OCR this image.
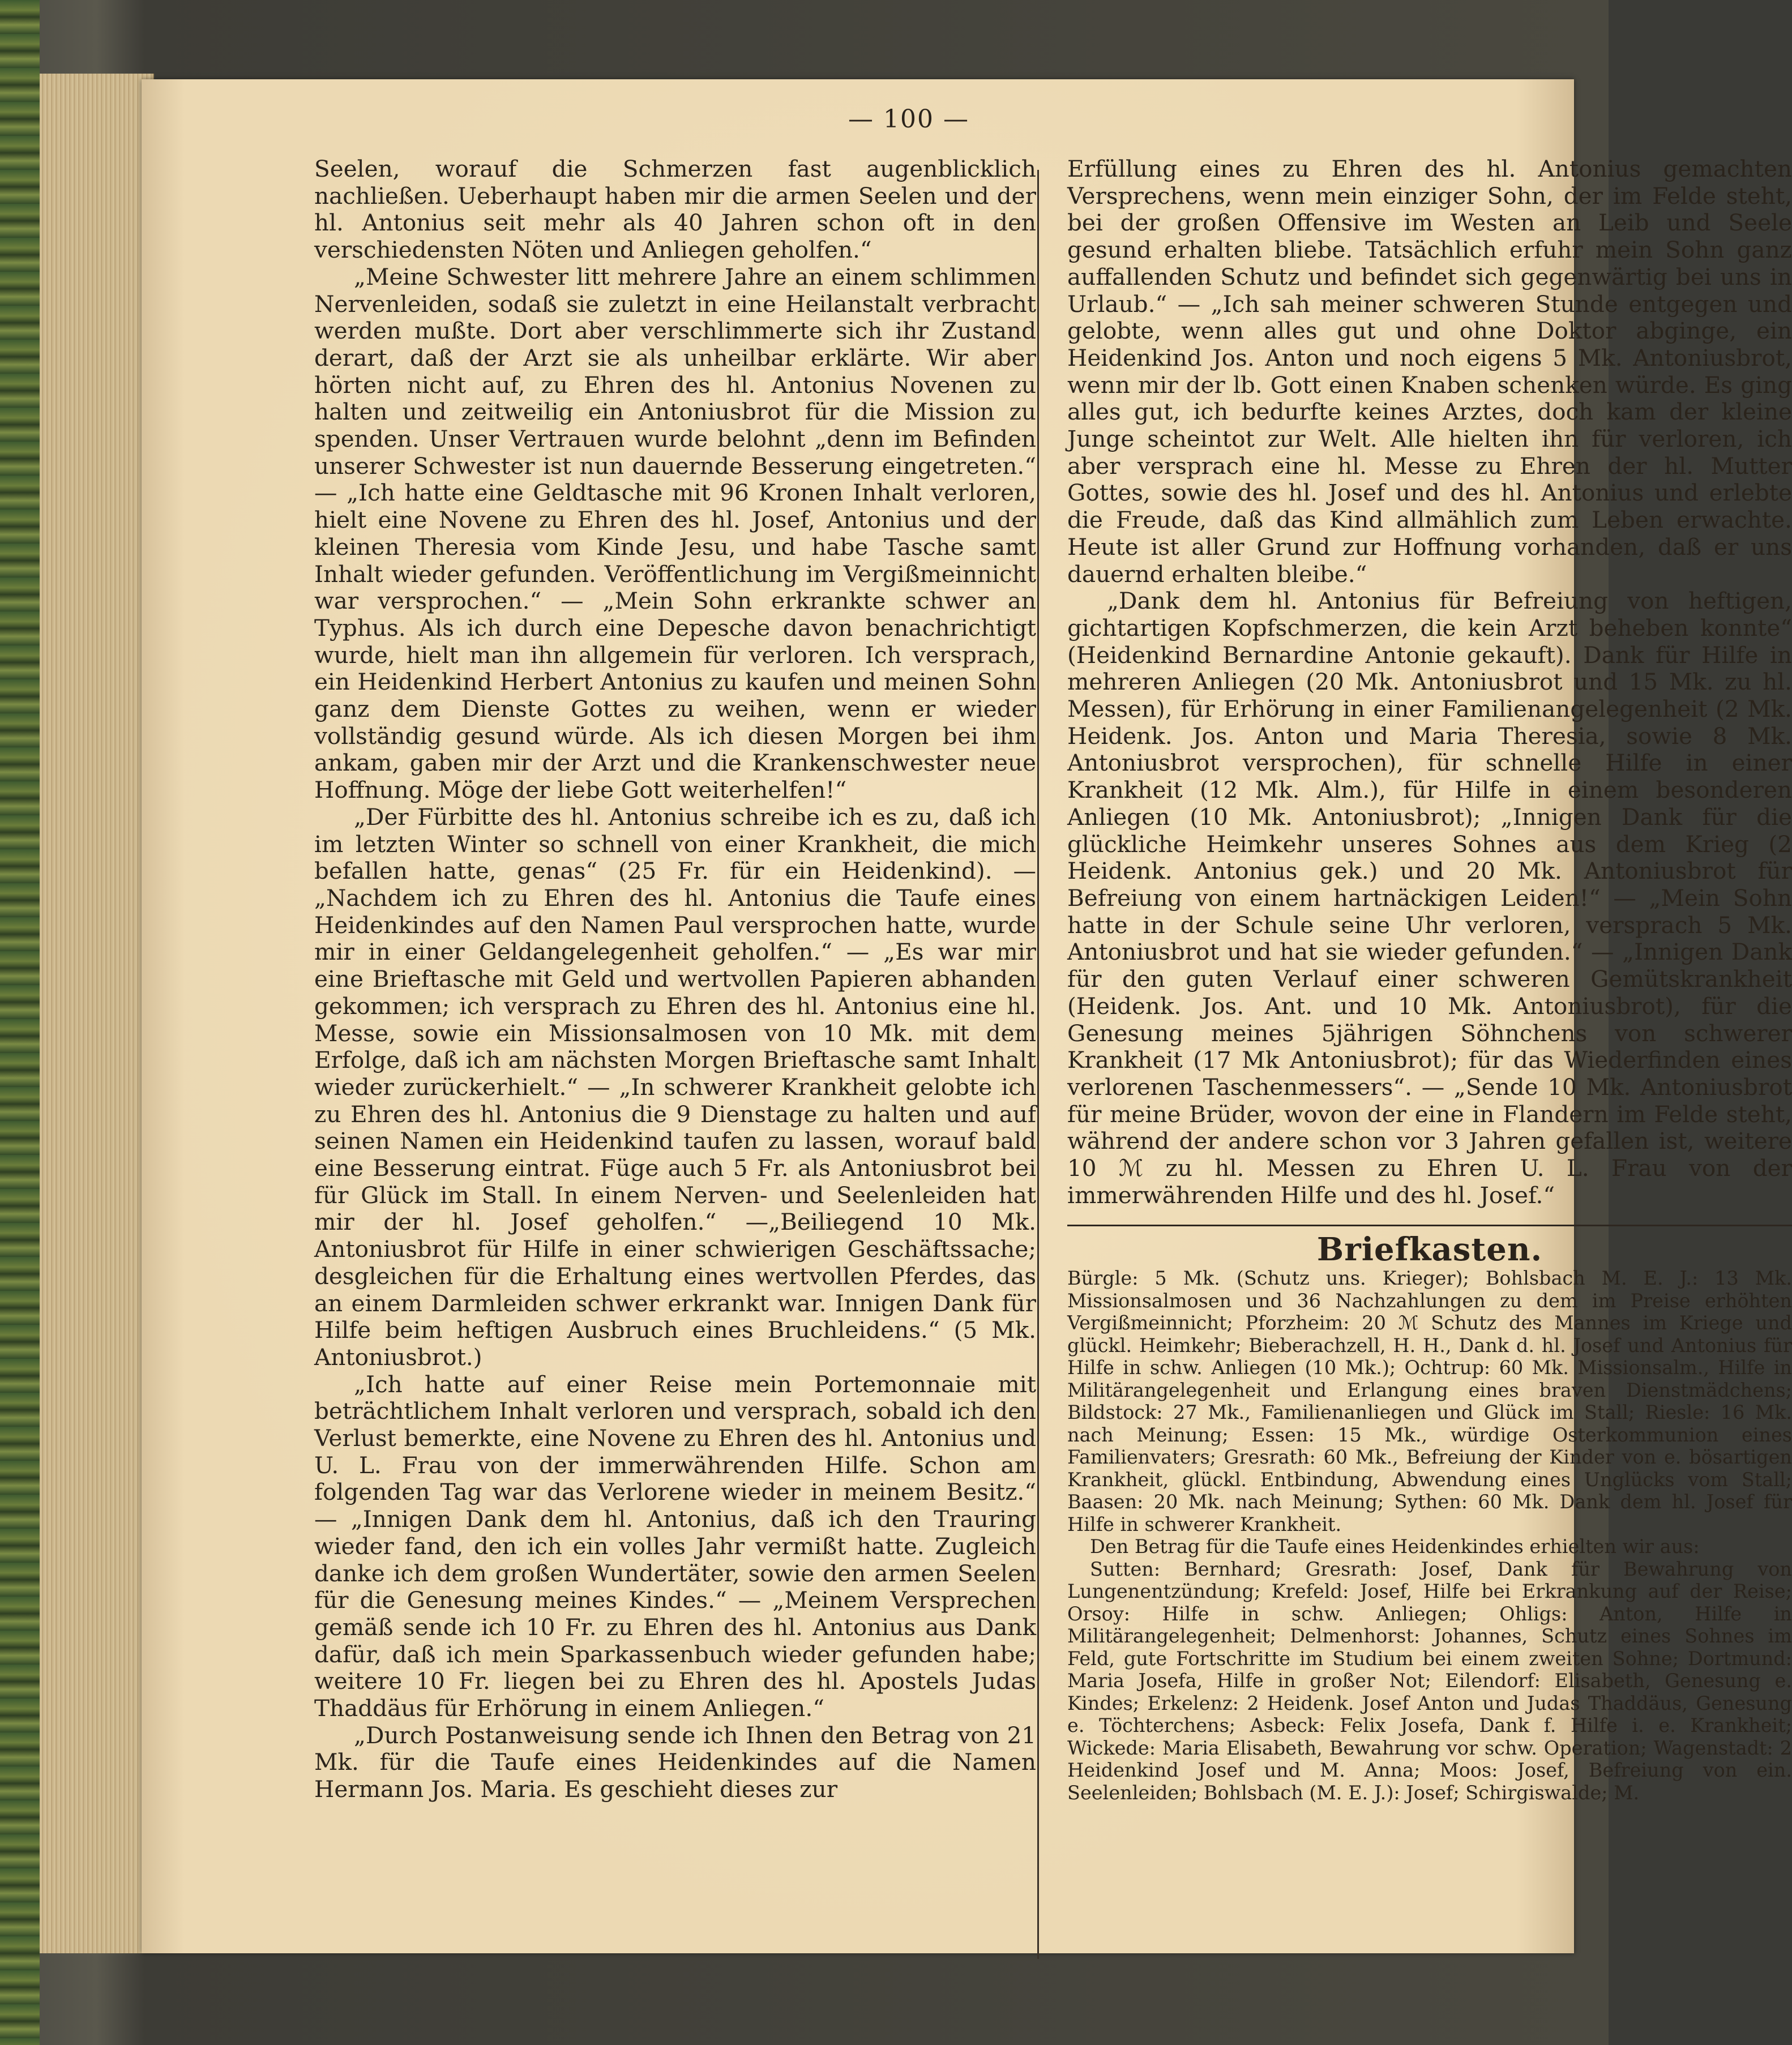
— 100 —

Seelen, worauf die Schmerzen fast augenblicklich nachließen. Ueberhaupt haben mir die armen Seelen und der hl. Antonius seit mehr als 40 Jahren schon oft in den verschiedensten Nöten und Anliegen geholfen.“

„Meine Schwester litt mehrere Jahre an einem schlimmen Nervenleiden, sodaß sie zuletzt in eine Heilanstalt verbracht werden mußte. Dort aber verschlimmerte sich ihr Zustand derart, daß der Arzt sie als unheilbar erklärte. Wir aber hörten nicht auf, zu Ehren des hl. Antonius Novenen zu halten und zeitweilig ein Antoniusbrot für die Mission zu spenden. Unser Vertrauen wurde belohnt „denn im Befinden unserer Schwester ist nun dauernde Besserung eingetreten.“ — „Ich hatte eine Geldtasche mit 96 Kronen Inhalt verloren, hielt eine Novene zu Ehren des hl. Josef, Antonius und der kleinen Theresia vom Kinde Jesu, und habe Tasche samt Inhalt wieder gefunden. Veröffentlichung im Vergißmeinnicht war versprochen.“ — „Mein Sohn erkrankte schwer an Typhus. Als ich durch eine Depesche davon benachrichtigt wurde, hielt man ihn allgemein für verloren. Ich versprach, ein Heidenkind Herbert Antonius zu kaufen und meinen Sohn ganz dem Dienste Gottes zu weihen, wenn er wieder vollständig gesund würde. Als ich diesen Morgen bei ihm ankam, gaben mir der Arzt und die Krankenschwester neue Hoffnung. Möge der liebe Gott weiterhelfen!“

„Der Fürbitte des hl. Antonius schreibe ich es zu, daß ich im letzten Winter so schnell von einer Krankheit, die mich befallen hatte, genas“ (25 Fr. für ein Heidenkind). — „Nachdem ich zu Ehren des hl. Antonius die Taufe eines Heidenkindes auf den Namen Paul versprochen hatte, wurde mir in einer Geldangelegenheit geholfen.“ — „Es war mir eine Brieftasche mit Geld und wertvollen Papieren abhanden gekommen; ich versprach zu Ehren des hl. Antonius eine hl. Messe, sowie ein Missionsalmosen von 10 Mk. mit dem Erfolge, daß ich am nächsten Morgen Brieftasche samt Inhalt wieder zurückerhielt.“ — „In schwerer Krankheit gelobte ich zu Ehren des hl. Antonius die 9 Dienstage zu halten und auf seinen Namen ein Heidenkind taufen zu lassen, worauf bald eine Besserung eintrat. Füge auch 5 Fr. als Antoniusbrot bei für Glück im Stall. In einem Nerven- und Seelenleiden hat mir der hl. Josef geholfen.“ —„Beiliegend 10 Mk. Antoniusbrot für Hilfe in einer schwierigen Geschäftssache; desgleichen für die Erhaltung eines wertvollen Pferdes, das an einem Darmleiden schwer erkrankt war. Innigen Dank für Hilfe beim heftigen Ausbruch eines Bruchleidens.“ (5 Mk. Antoniusbrot.)

„Ich hatte auf einer Reise mein Portemonnaie mit beträchtlichem Inhalt verloren und versprach, sobald ich den Verlust bemerkte, eine Novene zu Ehren des hl. Antonius und U. L. Frau von der immerwährenden Hilfe. Schon am folgenden Tag war das Verlorene wieder in meinem Besitz.“ — „Innigen Dank dem hl. Antonius, daß ich den Trauring wieder fand, den ich ein volles Jahr vermißt hatte. Zugleich danke ich dem großen Wundertäter, sowie den armen Seelen für die Genesung meines Kindes.“ — „Meinem Versprechen gemäß sende ich 10 Fr. zu Ehren des hl. Antonius aus Dank dafür, daß ich mein Sparkassenbuch wieder gefunden habe; weitere 10 Fr. liegen bei zu Ehren des hl. Apostels Judas Thaddäus für Erhörung in einem Anliegen.“

„Durch Postanweisung sende ich Ihnen den Betrag von 21 Mk. für die Taufe eines Heidenkindes auf die Namen Hermann Jos. Maria. Es geschieht dieses zur

Erfüllung eines zu Ehren des hl. Antonius gemachten Versprechens, wenn mein einziger Sohn, der im Felde steht, bei der großen Offensive im Westen an Leib und Seele gesund erhalten bliebe. Tatsächlich erfuhr mein Sohn ganz auffallenden Schutz und befindet sich gegenwärtig bei uns in Urlaub.“ — „Ich sah meiner schweren Stunde entgegen und gelobte, wenn alles gut und ohne Doktor abginge, ein Heidenkind Jos. Anton und noch eigens 5 Mk. Antoniusbrot, wenn mir der lb. Gott einen Knaben schenken würde. Es ging alles gut, ich bedurfte keines Arztes, doch kam der kleine Junge scheintot zur Welt. Alle hielten ihn für verloren, ich aber versprach eine hl. Messe zu Ehren der hl. Mutter Gottes, sowie des hl. Josef und des hl. Antonius und erlebte die Freude, daß das Kind allmählich zum Leben erwachte. Heute ist aller Grund zur Hoffnung vorhanden, daß er uns dauernd erhalten bleibe.“

„Dank dem hl. Antonius für Befreiung von heftigen, gichtartigen Kopfschmerzen, die kein Arzt beheben konnte“ (Heidenkind Bernardine Antonie gekauft). Dank für Hilfe in mehreren Anliegen (20 Mk. Antoniusbrot und 15 Mk. zu hl. Messen), für Erhörung in einer Familienangelegenheit (2 Mk. Heidenk. Jos. Anton und Maria Theresia, sowie 8 Mk. Antoniusbrot versprochen), für schnelle Hilfe in einer Krankheit (12 Mk. Alm.), für Hilfe in einem besonderen Anliegen (10 Mk. Antoniusbrot); „Innigen Dank für die glückliche Heimkehr unseres Sohnes aus dem Krieg (2 Heidenk. Antonius gek.) und 20 Mk. Antoniusbrot für Befreiung von einem hartnäckigen Leiden!“ — „Mein Sohn hatte in der Schule seine Uhr verloren, versprach 5 Mk. Antoniusbrot und hat sie wieder gefunden.“ — „Innigen Dank für den guten Verlauf einer schweren Gemütskrankheit (Heidenk. Jos. Ant. und 10 Mk. Antoniusbrot), für die Genesung meines 5jährigen Söhnchens von schwerer Krankheit (17 Mk Antoniusbrot); für das Wiederfinden eines verlorenen Taschenmessers“. — „Sende 10 Mk. Antoniusbrot für meine Brüder, wovon der eine in Flandern im Felde steht, während der andere schon vor 3 Jahren gefallen ist, weitere 10 ℳ zu hl. Messen zu Ehren U. L. Frau von der immerwährenden Hilfe und des hl. Josef.“

Briefkasten.

Bürgle: 5 Mk. (Schutz uns. Krieger); Bohlsbach M. E. J.: 13 Mk. Missionsalmosen und 36 Nachzahlungen zu dem im Preise erhöhten Vergißmeinnicht; Pforzheim: 20 ℳ Schutz des Mannes im Kriege und glückl. Heimkehr; Bieberachzell, H. H., Dank d. hl. Josef und Antonius für Hilfe in schw. Anliegen (10 Mk.); Ochtrup: 60 Mk. Missionsalm., Hilfe in Militärangelegenheit und Erlangung eines braven Dienstmädchens; Bildstock: 27 Mk., Familienanliegen und Glück im Stall; Riesle: 16 Mk. nach Meinung; Essen: 15 Mk., würdige Osterkommunion eines Familienvaters; Gresrath: 60 Mk., Befreiung der Kinder von e. bösartigen Krankheit, glückl. Entbindung, Abwendung eines Unglücks vom Stall; Baasen: 20 Mk. nach Meinung; Sythen: 60 Mk. Dank dem hl. Josef für Hilfe in schwerer Krankheit.

Den Betrag für die Taufe eines Heidenkindes erhielten wir aus:

Sutten: Bernhard; Gresrath: Josef, Dank für Bewahrung von Lungenentzündung; Krefeld: Josef, Hilfe bei Erkrankung auf der Reise; Orsoy: Hilfe in schw. Anliegen; Ohligs: Anton, Hilfe in Militärangelegenheit; Delmenhorst: Johannes, Schutz eines Sohnes im Feld, gute Fortschritte im Studium bei einem zweiten Sohne; Dortmund: Maria Josefa, Hilfe in großer Not; Eilendorf: Elisabeth, Genesung e. Kindes; Erkelenz: 2 Heidenk. Josef Anton und Judas Thaddäus, Genesung e. Töchterchens; Asbeck: Felix Josefa, Dank f. Hilfe i. e. Krankheit; Wickede: Maria Elisabeth, Bewahrung vor schw. Operation; Wagenstadt: 2 Heidenkind Josef und M. Anna; Moos: Josef, Befreiung von ein. Seelenleiden; Bohlsbach (M. E. J.): Josef; Schirgiswalde; M.
